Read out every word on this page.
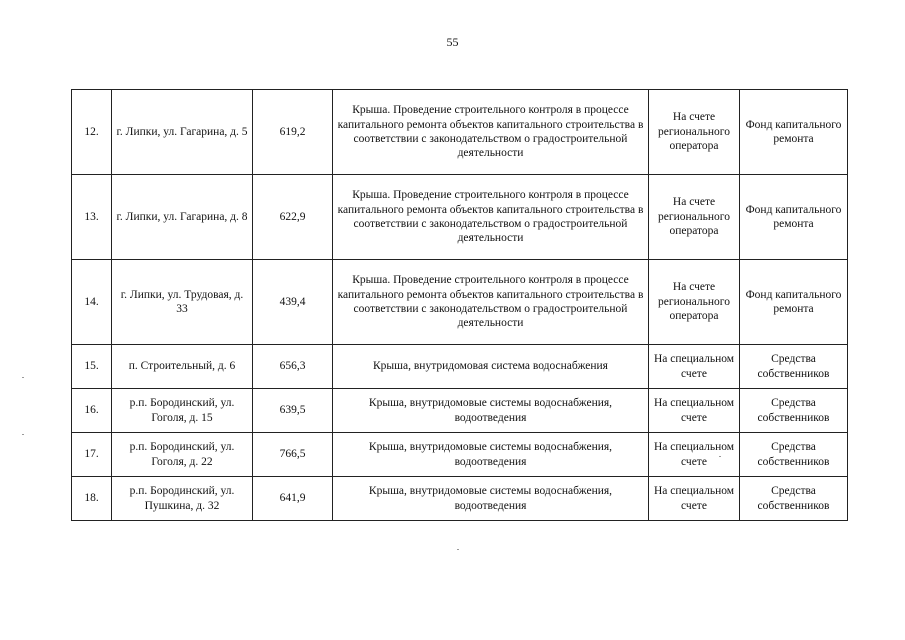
55
12.	г. Липки, ул. Гагарина, д. 5	619,2	Крыша. Проведение строительного контроля в процессе капитального ремонта объектов капитального строительства в соответствии с законодательством о градостроительной деятельности	На счете регионального оператора	Фонд капитального ремонта
13.	г. Липки, ул. Гагарина, д. 8	622,9	Крыша. Проведение строительного контроля в процессе капитального ремонта объектов капитального строительства в соответствии с законодательством о градостроительной деятельности	На счете регионального оператора	Фонд капитального ремонта
14.	г. Липки, ул. Трудовая, д. 33	439,4	Крыша. Проведение строительного контроля в процессе капитального ремонта объектов капитального строительства в соответствии с законодательством о градостроительной деятельности	На счете регионального оператора	Фонд капитального ремонта
15.	п. Строительный, д. 6	656,3	Крыша, внутридомовая система водоснабжения	На специальном счете	Средства собственников
16.	р.п. Бородинский, ул. Гоголя, д. 15	639,5	Крыша, внутридомовые системы водоснабжения, водоотведения	На специальном счете	Средства собственников
17.	р.п. Бородинский, ул. Гоголя, д. 22	766,5	Крыша, внутридомовые системы водоснабжения, водоотведения	На специальном счете	Средства собственников
18.	р.п. Бородинский, ул. Пушкина, д. 32	641,9	Крыша, внутридомовые системы водоснабжения, водоотведения	На специальном счете	Средства собственников
